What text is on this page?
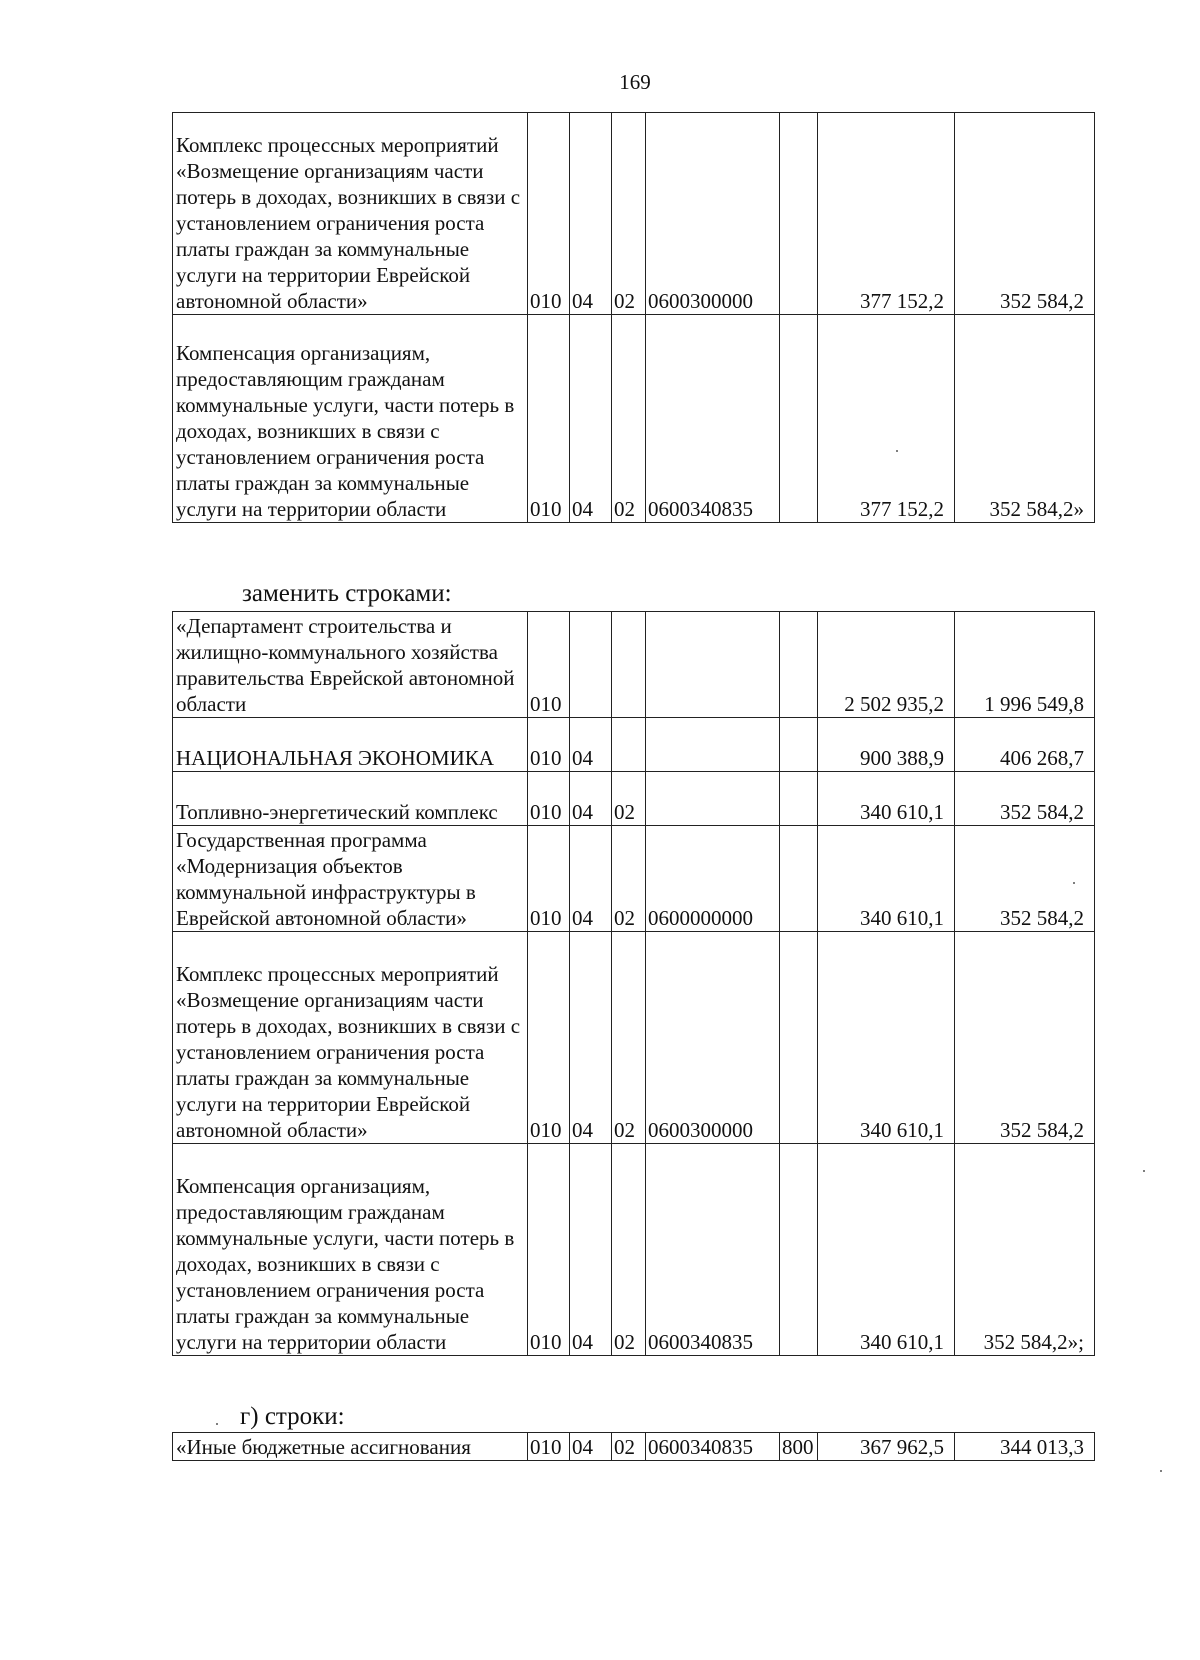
169
Комплекс процессных мероприятий «Возмещение организациям части потерь в доходах, возникших в связи с установлением ограничения роста платы граждан за коммунальные услуги на территории Еврейской автономной области»	010	04	02	0600300000		377 152,2	352 584,2
Компенсация организациям, предоставляющим гражданам коммунальные услуги, части потерь в доходах, возникших в связи с установлением ограничения роста платы граждан за коммунальные услуги на территории области	010	04	02	0600340835		377 152,2	352 584,2»
заменить строками:
«Департамент строительства и жилищно-коммунального хозяйства правительства Еврейской автономной области	010					2 502 935,2	1 996 549,8
НАЦИОНАЛЬНАЯ ЭКОНОМИКА	010	04				900 388,9	406 268,7
Топливно-энергетический комплекс	010	04	02			340 610,1	352 584,2
Государственная программа «Модернизация объектов коммунальной инфраструктуры в Еврейской автономной области»	010	04	02	0600000000		340 610,1	352 584,2
Комплекс процессных мероприятий «Возмещение организациям части потерь в доходах, возникших в связи с установлением ограничения роста платы граждан за коммунальные услуги на территории Еврейской автономной области»	010	04	02	0600300000		340 610,1	352 584,2
Компенсация организациям, предоставляющим гражданам коммунальные услуги, части потерь в доходах, возникших в связи с установлением ограничения роста платы граждан за коммунальные услуги на территории области	010	04	02	0600340835		340 610,1	352 584,2»;
г) строки:
«Иные бюджетные ассигнования	010	04	02	0600340835	800	367 962,5	344 013,3
